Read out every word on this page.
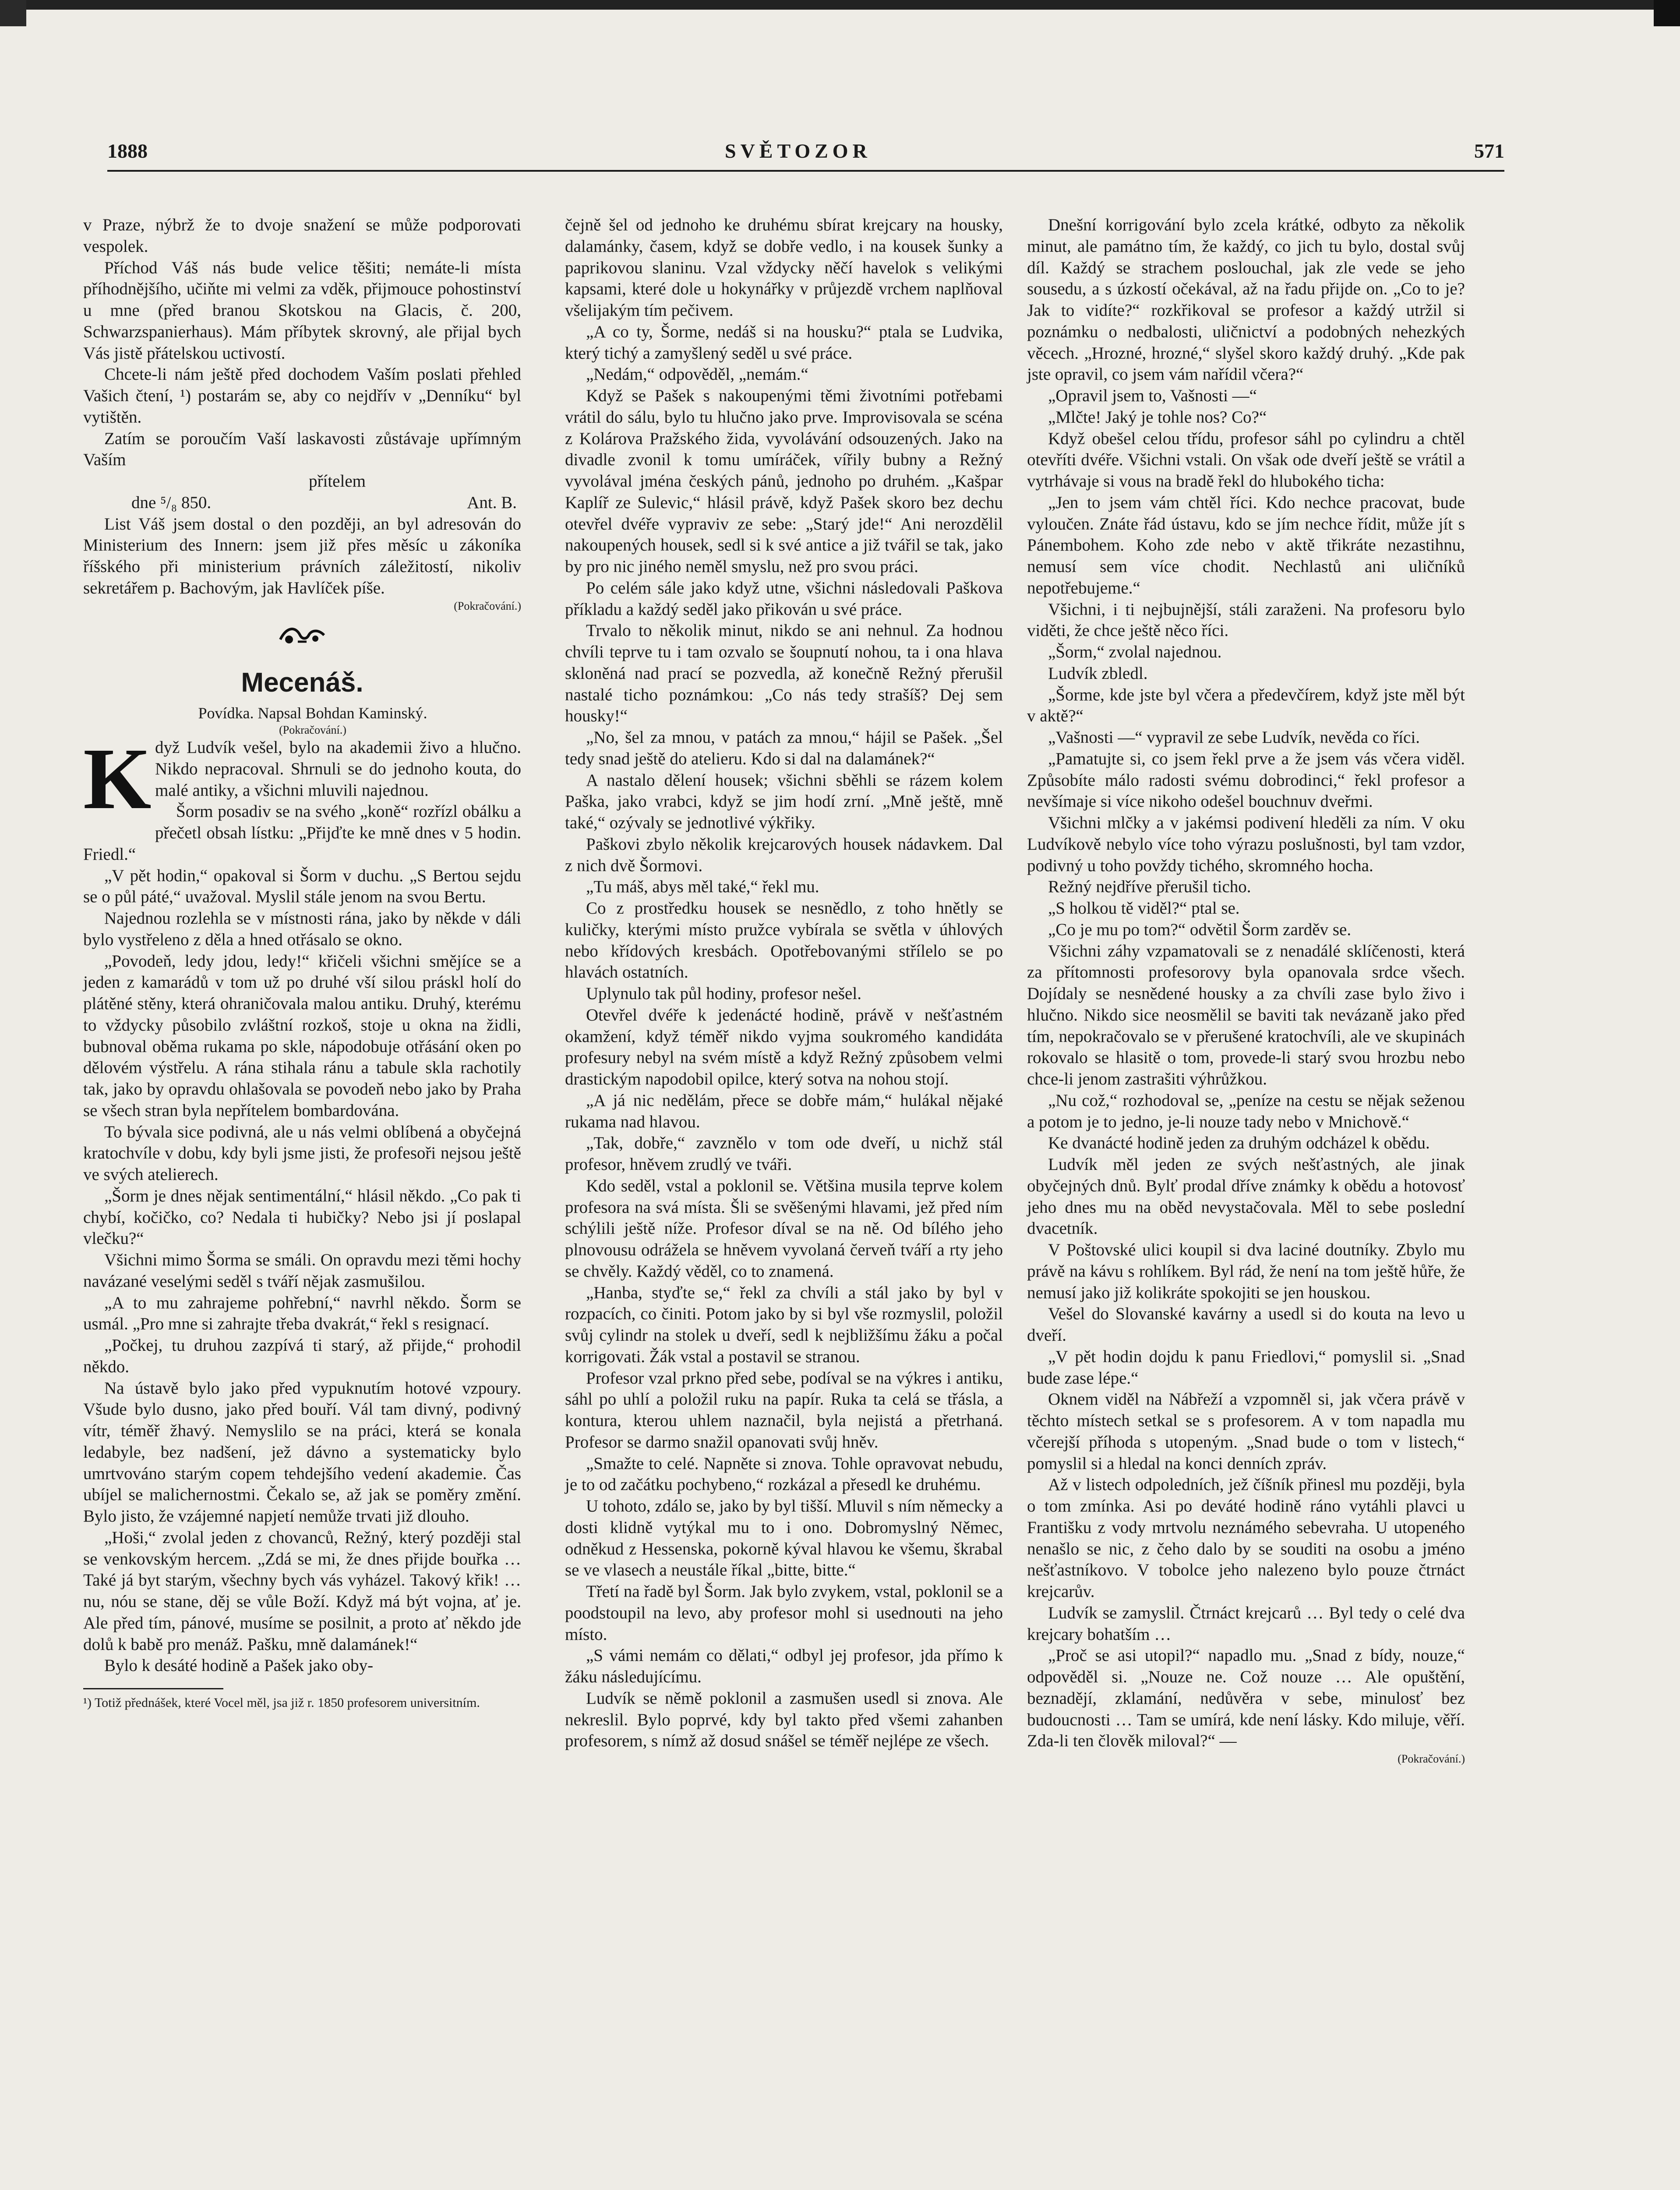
1888	SVĚTOZOR	571

v Praze, nýbrž že to dvoje snažení se může podporovati vespolek.

Příchod Váš nás bude velice těšiti; nemáte-li místa příhodnějšího, učiňte mi velmi za vděk, přijmouce pohostinství u mne (před branou Skotskou na Glacis, č. 200, Schwarzspanierhaus). Mám příbytek skrovný, ale přijal bych Vás jistě přátelskou uctivostí.

Chcete-li nám ještě před dochodem Vaším poslati přehled Vašich čtení, ¹) postarám se, aby co nejdřív v „Denníku“ byl vytištěn.

Zatím se poroučím Vaší laskavosti zůstávaje upřímným Vaším

přítelem
dne ⁵/₈ 850.	Ant. B.

List Váš jsem dostal o den později, an byl adresován do Ministerium des Innern: jsem již přes měsíc u zákoníka říšského při ministerium právních záležitostí, nikoliv sekretářem p. Bachovým, jak Havlíček píše.

(Pokračování.)
Mecenáš.

Povídka. Napsal Bohdan Kaminský.

(Pokračování.)

K dyž Ludvík vešel, bylo na akademii živo a hlučno. Nikdo nepracoval. Shrnuli se do jednoho kouta, do malé antiky, a všichni mluvili najednou.

Šorm posadiv se na svého „koně“ rozřízl obálku a přečetl obsah lístku: „Přijďte ke mně dnes v 5 hodin. Friedl.“

„V pět hodin,“ opakoval si Šorm v duchu. „S Bertou sejdu se o půl páté,“ uvažoval. Myslil stále jenom na svou Bertu.

Najednou rozlehla se v místnosti rána, jako by někde v dáli bylo vystřeleno z děla a hned otřásalo se okno.

„Povodeň, ledy jdou, ledy!“ křičeli všichni smějíce se a jeden z kamarádů v tom už po druhé vší silou práskl holí do plátěné stěny, která ohraničovala malou antiku. Druhý, kterému to vždycky působilo zvláštní rozkoš, stoje u okna na židli, bubnoval oběma rukama po skle, nápodobuje otřásání oken po dělovém výstřelu. A rána stihala ránu a tabule skla rachotily tak, jako by opravdu ohlašovala se povodeň nebo jako by Praha se všech stran byla nepřítelem bombardována.

To bývala sice podivná, ale u nás velmi oblíbená a obyčejná kratochvíle v dobu, kdy byli jsme jisti, že profesoři nejsou ještě ve svých atelierech.

„Šorm je dnes nějak sentimentální,“ hlásil někdo. „Co pak ti chybí, kočičko, co? Nedala ti hubičky? Nebo jsi jí poslapal vlečku?“

Všichni mimo Šorma se smáli. On opravdu mezi těmi hochy navázané veselými seděl s tváří nějak zasmušilou.

„A to mu zahrajeme pohřební,“ navrhl někdo. Šorm se usmál. „Pro mne si zahrajte třeba dvakrát,“ řekl s resignací.

„Počkej, tu druhou zazpívá ti starý, až přijde,“ prohodil někdo.

Na ústavě bylo jako před vypuknutím hotové vzpoury. Všude bylo dusno, jako před bouří. Vál tam divný, podivný vítr, téměř žhavý. Nemyslilo se na práci, která se konala ledabyle, bez nadšení, jež dávno a systematicky bylo umrtvováno starým copem tehdejšího vedení akademie. Čas ubíjel se malichernostmi. Čekalo se, až jak se poměry změní. Bylo jisto, že vzájemné napjetí nemůže trvati již dlouho.

„Hoši,“ zvolal jeden z chovanců, Režný, který později stal se venkovským hercem. „Zdá se mi, že dnes přijde bouřka … Také já byt starým, všechny bych vás vyházel. Takový křik! … nu, nóu se stane, děj se vůle Boží. Když má být vojna, ať je. Ale před tím, pánové, musíme se posilnit, a proto ať někdo jde dolů k babě pro menáž. Pašku, mně dalamánek!“

Bylo k desáté hodině a Pašek jako oby-

¹) Totiž přednášek, které Vocel měl, jsa již r. 1850 profesorem universitním.

čejně šel od jednoho ke druhému sbírat krejcary na housky, dalamánky, časem, když se dobře vedlo, i na kousek šunky a paprikovou slaninu. Vzal vždycky něčí havelok s velikými kapsami, které dole u hokynářky v průjezdě vrchem naplňoval všelijakým tím pečivem.

„A co ty, Šorme, nedáš si na housku?“ ptala se Ludvika, který tichý a zamyšlený seděl u své práce.

„Nedám,“ odpověděl, „nemám.“

Když se Pašek s nakoupenými těmi životními potřebami vrátil do sálu, bylo tu hlučno jako prve. Improvisovala se scéna z Kolárova Pražského žida, vyvolávání odsouzených. Jako na divadle zvonil k tomu umíráček, vířily bubny a Režný vyvolával jména českých pánů, jednoho po druhém. „Kašpar Kaplíř ze Sulevic,“ hlásil právě, když Pašek skoro bez dechu otevřel dvéře vypraviv ze sebe: „Starý jde!“ Ani nerozdělil nakoupených housek, sedl si k své antice a již tvářil se tak, jako by pro nic jiného neměl smyslu, než pro svou práci.

Po celém sále jako když utne, všichni následovali Paškova příkladu a každý seděl jako přikován u své práce.

Trvalo to několik minut, nikdo se ani nehnul. Za hodnou chvíli teprve tu i tam ozvalo se šoupnutí nohou, ta i ona hlava skloněná nad prací se pozvedla, až konečně Režný přerušil nastalé ticho poznámkou: „Co nás tedy strašíš? Dej sem housky!“

„No, šel za mnou, v patách za mnou,“ hájil se Pašek. „Šel tedy snad ještě do atelieru. Kdo si dal na dalamánek?“

A nastalo dělení housek; všichni sběhli se rázem kolem Paška, jako vrabci, když se jim hodí zrní. „Mně ještě, mně také,“ ozývaly se jednotlivé výkřiky.

Paškovi zbylo několik krejcarových housek nádavkem. Dal z nich dvě Šormovi.

„Tu máš, abys měl také,“ řekl mu.

Co z prostředku housek se nesnědlo, z toho hnětly se kuličky, kterými místo pružce vybírala se světla v úhlových nebo křídových kresbách. Opotřebovanými střílelo se po hlavách ostatních.

Uplynulo tak půl hodiny, profesor nešel.

Otevřel dvéře k jedenácté hodině, právě v nešťastném okamžení, když téměř nikdo vyjma soukromého kandidáta profesury nebyl na svém místě a když Režný způsobem velmi drastickým napodobil opilce, který sotva na nohou stojí.

„A já nic nedělám, přece se dobře mám,“ hulákal nějaké rukama nad hlavou.

„Tak, dobře,“ zavznělo v tom ode dveří, u nichž stál profesor, hněvem zrudlý ve tváři.

Kdo seděl, vstal a poklonil se. Většina musila teprve kolem profesora na svá místa. Šli se svěšenými hlavami, jež před ním schýlili ještě níže. Profesor díval se na ně. Od bílého jeho plnovousu odrážela se hněvem vyvolaná červeň tváří a rty jeho se chvěly. Každý věděl, co to znamená.

„Hanba, styďte se,“ řekl za chvíli a stál jako by byl v rozpacích, co činiti. Potom jako by si byl vše rozmyslil, položil svůj cylindr na stolek u dveří, sedl k nejbližšímu žáku a počal korrigovati. Žák vstal a postavil se stranou.

Profesor vzal prkno před sebe, podíval se na výkres i antiku, sáhl po uhlí a položil ruku na papír. Ruka ta celá se třásla, a kontura, kterou uhlem naznačil, byla nejistá a přetrhaná. Profesor se darmo snažil opanovati svůj hněv.

„Smažte to celé. Napněte si znova. Tohle opravovat nebudu, je to od začátku pochybeno,“ rozkázal a přesedl ke druhému.

U tohoto, zdálo se, jako by byl tišší. Mluvil s ním německy a dosti klidně vytýkal mu to i ono. Dobromyslný Němec, odněkud z Hessenska, pokorně kýval hlavou ke všemu, škrabal se ve vlasech a neustále říkal „bitte, bitte.“

Třetí na řadě byl Šorm. Jak bylo zvykem, vstal, poklonil se a poodstoupil na levo, aby profesor mohl si usednouti na jeho místo.

„S vámi nemám co dělati,“ odbyl jej profesor, jda přímo k žáku následujícímu.

Ludvík se němě poklonil a zasmušen usedl si znova. Ale nekreslil. Bylo poprvé, kdy byl takto před všemi zahanben profesorem, s nímž až dosud snášel se téměř nejlépe ze všech.

Dnešní korrigování bylo zcela krátké, odbyto za několik minut, ale památno tím, že každý, co jich tu bylo, dostal svůj díl. Každý se strachem poslouchal, jak zle vede se jeho sousedu, a s úzkostí očekával, až na řadu přijde on. „Co to je? Jak to vidíte?“ rozkřikoval se profesor a každý utržil si poznámku o nedbalosti, uličnictví a podobných nehezkých věcech. „Hrozné, hrozné,“ slyšel skoro každý druhý. „Kde pak jste opravil, co jsem vám nařídil včera?“

„Opravil jsem to, Vašnosti —“

„Mlčte! Jaký je tohle nos? Co?“

Když obešel celou třídu, profesor sáhl po cylindru a chtěl otevříti dvéře. Všichni vstali. On však ode dveří ještě se vrátil a vytrhávaje si vous na bradě řekl do hlubokého ticha:

„Jen to jsem vám chtěl říci. Kdo nechce pracovat, bude vyloučen. Znáte řád ústavu, kdo se jím nechce řídit, může jít s Pánembohem. Koho zde nebo v aktě třikráte nezastihnu, nemusí sem více chodit. Nechlastů ani uličníků nepotřebujeme.“

Všichni, i ti nejbujnější, stáli zaraženi. Na profesoru bylo viděti, že chce ještě něco říci.

„Šorm,“ zvolal najednou.

Ludvík zbledl.

„Šorme, kde jste byl včera a předevčírem, když jste měl být v aktě?“

„Vašnosti —“ vypravil ze sebe Ludvík, nevěda co říci.

„Pamatujte si, co jsem řekl prve a že jsem vás včera viděl. Způsobíte málo radosti svému dobrodinci,“ řekl profesor a nevšímaje si více nikoho odešel bouchnuv dveřmi.

Všichni mlčky a v jakémsi podivení hleděli za ním. V oku Ludvíkově nebylo více toho výrazu poslušnosti, byl tam vzdor, podivný u toho povždy tichého, skromného hocha.

Režný nejdříve přerušil ticho.

„S holkou tě viděl?“ ptal se.

„Co je mu po tom?“ odvětil Šorm zarděv se.

Všichni záhy vzpamatovali se z nenadálé sklíčenosti, která za přítomnosti profesorovy byla opanovala srdce všech. Dojídaly se nesnědené housky a za chvíli zase bylo živo i hlučno. Nikdo sice neosmělil se baviti tak nevázaně jako před tím, nepokračovalo se v přerušené kratochvíli, ale ve skupinách rokovalo se hlasitě o tom, provede-li starý svou hrozbu nebo chce-li jenom zastrašiti výhrůžkou.

„Nu což,“ rozhodoval se, „peníze na cestu se nějak seženou a potom je to jedno, je-li nouze tady nebo v Mnichově.“

Ke dvanácté hodině jeden za druhým odcházel k obědu.

Ludvík měl jeden ze svých nešťastných, ale jinak obyčejných dnů. Bylť prodal dříve známky k obědu a hotovosť jeho dnes mu na oběd nevystačovala. Měl to sebe poslední dvacetník.

V Poštovské ulici koupil si dva laciné doutníky. Zbylo mu právě na kávu s rohlíkem. Byl rád, že není na tom ještě hůře, že nemusí jako již kolikráte spokojiti se jen houskou.

Vešel do Slovanské kavárny a usedl si do kouta na levo u dveří.

„V pět hodin dojdu k panu Friedlovi,“ pomyslil si. „Snad bude zase lépe.“

Oknem viděl na Nábřeží a vzpomněl si, jak včera právě v těchto místech setkal se s profesorem. A v tom napadla mu včerejší příhoda s utopeným. „Snad bude o tom v listech,“ pomyslil si a hledal na konci denních zpráv.

Až v listech odpoledních, jež číšník přinesl mu později, byla o tom zmínka. Asi po deváté hodině ráno vytáhli plavci u Františku z vody mrtvolu neznámého sebevraha. U utopeného nenašlo se nic, z čeho dalo by se souditi na osobu a jméno nešťastníkovo. V tobolce jeho nalezeno bylo pouze čtrnáct krejcarův.

Ludvík se zamyslil. Čtrnáct krejcarů … Byl tedy o celé dva krejcary bohatším …

„Proč se asi utopil?“ napadlo mu. „Snad z bídy, nouze,“ odpověděl si. „Nouze ne. Což nouze … Ale opuštění, beznadějí, zklamání, nedůvěra v sebe, minulosť bez budoucnosti … Tam se umírá, kde není lásky. Kdo miluje, věří. Zda-li ten člověk miloval?“ —

(Pokračování.)
